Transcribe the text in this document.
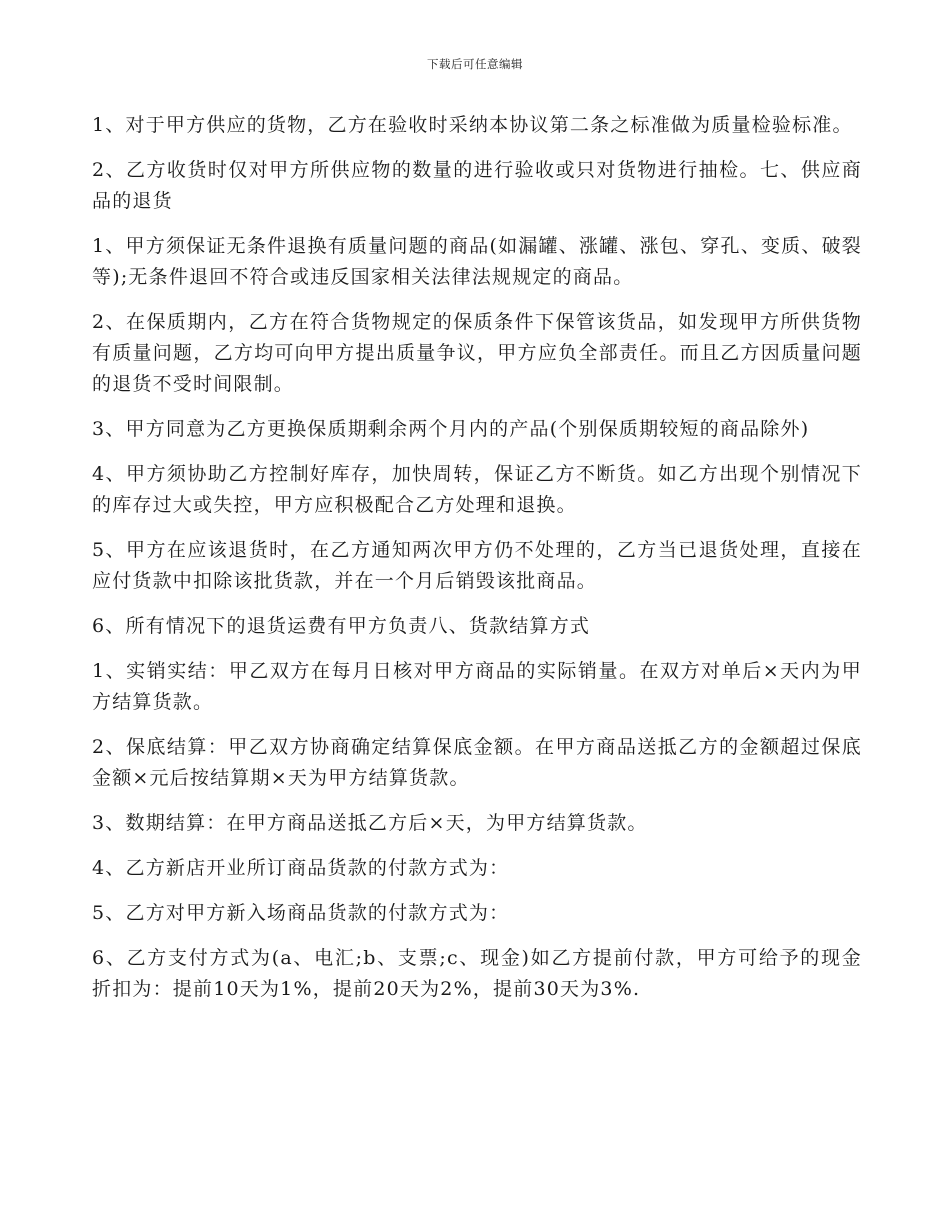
下载后可任意编辑

1、对于甲方供应的货物，乙方在验收时采纳本协议第二条之标准做为质量检验标准。

2、乙方收货时仅对甲方所供应物的数量的进行验收或只对货物进行抽检。七、供应商品的退货

1、甲方须保证无条件退换有质量问题的商品(如漏罐、涨罐、涨包、穿孔、变质、破裂等);无条件退回不符合或违反国家相关法律法规规定的商品。

2、在保质期内，乙方在符合货物规定的保质条件下保管该货品，如发现甲方所供货物有质量问题，乙方均可向甲方提出质量争议，甲方应负全部责任。而且乙方因质量问题的退货不受时间限制。

3、甲方同意为乙方更换保质期剩余两个月内的产品(个别保质期较短的商品除外)

4、甲方须协助乙方控制好库存，加快周转，保证乙方不断货。如乙方出现个别情况下的库存过大或失控，甲方应积极配合乙方处理和退换。

5、甲方在应该退货时，在乙方通知两次甲方仍不处理的，乙方当已退货处理，直接在应付货款中扣除该批货款，并在一个月后销毁该批商品。

6、所有情况下的退货运费有甲方负责八、货款结算方式

1、实销实结：甲乙双方在每月日核对甲方商品的实际销量。在双方对单后×天内为甲方结算货款。

2、保底结算：甲乙双方协商确定结算保底金额。在甲方商品送抵乙方的金额超过保底金额×元后按结算期×天为甲方结算货款。

3、数期结算：在甲方商品送抵乙方后×天，为甲方结算货款。

4、乙方新店开业所订商品货款的付款方式为：

5、乙方对甲方新入场商品货款的付款方式为：

6、乙方支付方式为(a、电汇;b、支票;c、现金)如乙方提前付款，甲方可给予的现金折扣为：提前10天为1%，提前20天为2%，提前30天为3%.
